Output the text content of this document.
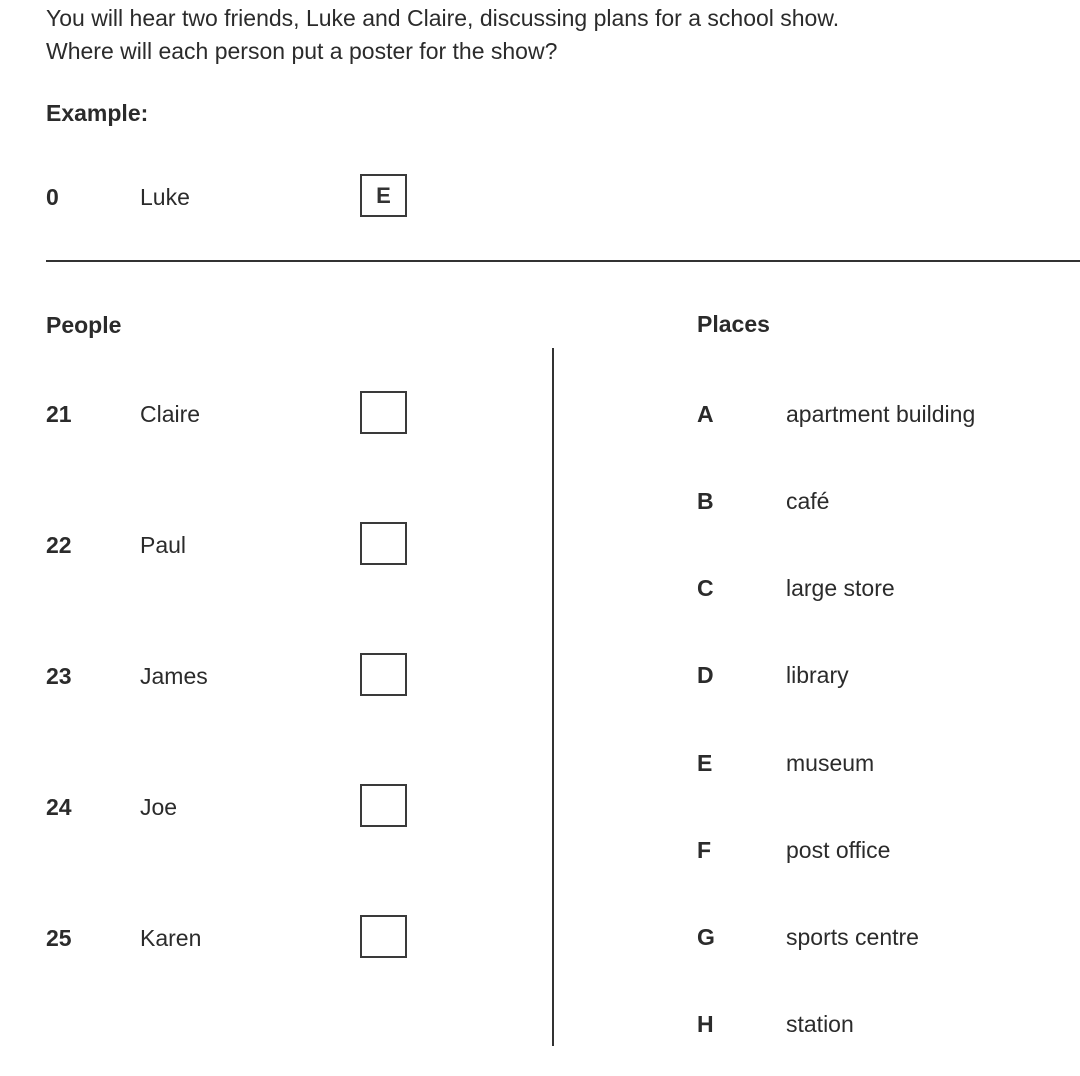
You will hear two friends, Luke and Claire, discussing plans for a school show.
Where will each person put a poster for the show?
Example:
0	Luke	E
People
21	Claire
22	Paul
23	James
24	Joe
25	Karen
Places
A	apartment building
B	café
C	large store
D	library
E	museum
F	post office
G	sports centre
H	station
